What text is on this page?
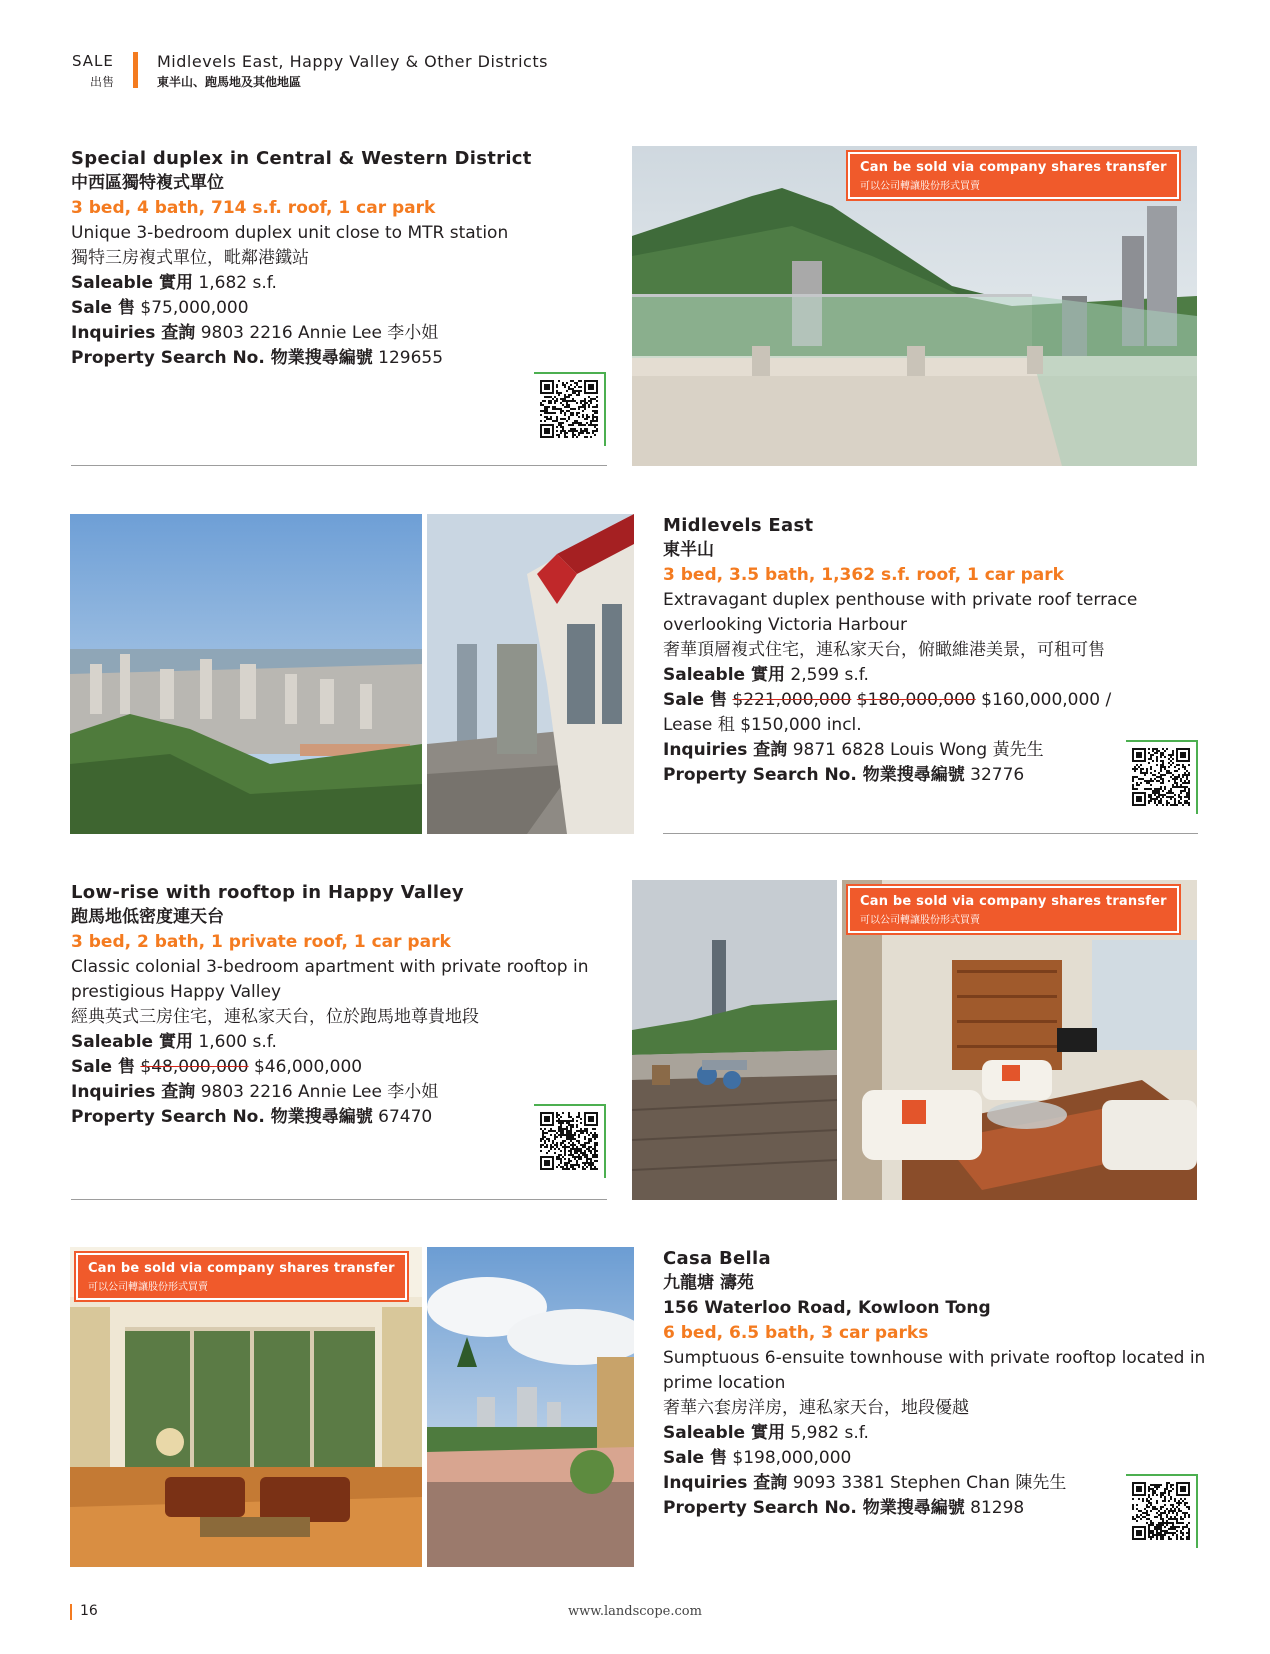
SALE
出售
Midlevels East, Happy Valley & Other Districts
東半山、跑馬地及其他地區
Special duplex in Central & Western District
中西區獨特複式單位
3 bed, 4 bath, 714 s.f. roof, 1 car park
Unique 3-bedroom duplex unit close to MTR station
獨特三房複式單位，毗鄰港鐵站
Saleable 實用 1,682 s.f.
Sale 售 $75,000,000
Inquiries 查詢 9803 2216 Annie Lee 李小姐
Property Search No. 物業搜尋編號 129655
Can be sold via company shares transfer
可以公司轉讓股份形式買賣
Midlevels East
東半山
3 bed, 3.5 bath, 1,362 s.f. roof, 1 car park
Extravagant duplex penthouse with private roof terrace
overlooking Victoria Harbour
奢華頂層複式住宅，連私家天台，俯瞰維港美景，可租可售
Saleable 實用 2,599 s.f.
Sale 售 $221,000,000 $180,000,000 $160,000,000 /
Lease 租 $150,000 incl.
Inquiries 查詢 9871 6828 Louis Wong 黃先生
Property Search No. 物業搜尋編號 32776
Low-rise with rooftop in Happy Valley
跑馬地低密度連天台
3 bed, 2 bath, 1 private roof, 1 car park
Classic colonial 3-bedroom apartment with private rooftop in
prestigious Happy Valley
經典英式三房住宅，連私家天台，位於跑馬地尊貴地段
Saleable 實用 1,600 s.f.
Sale 售 $48,000,000 $46,000,000
Inquiries 查詢 9803 2216 Annie Lee 李小姐
Property Search No. 物業搜尋編號 67470
Can be sold via company shares transfer
可以公司轉讓股份形式買賣
Can be sold via company shares transfer
可以公司轉讓股份形式買賣
Casa Bella
九龍塘 濤苑
156 Waterloo Road, Kowloon Tong
6 bed, 6.5 bath, 3 car parks
Sumptuous 6-ensuite townhouse with private rooftop located in
prime location
奢華六套房洋房，連私家天台，地段優越
Saleable 實用 5,982 s.f.
Sale 售 $198,000,000
Inquiries 查詢 9093 3381 Stephen Chan 陳先生
Property Search No. 物業搜尋編號 81298
16	www.landscope.com
